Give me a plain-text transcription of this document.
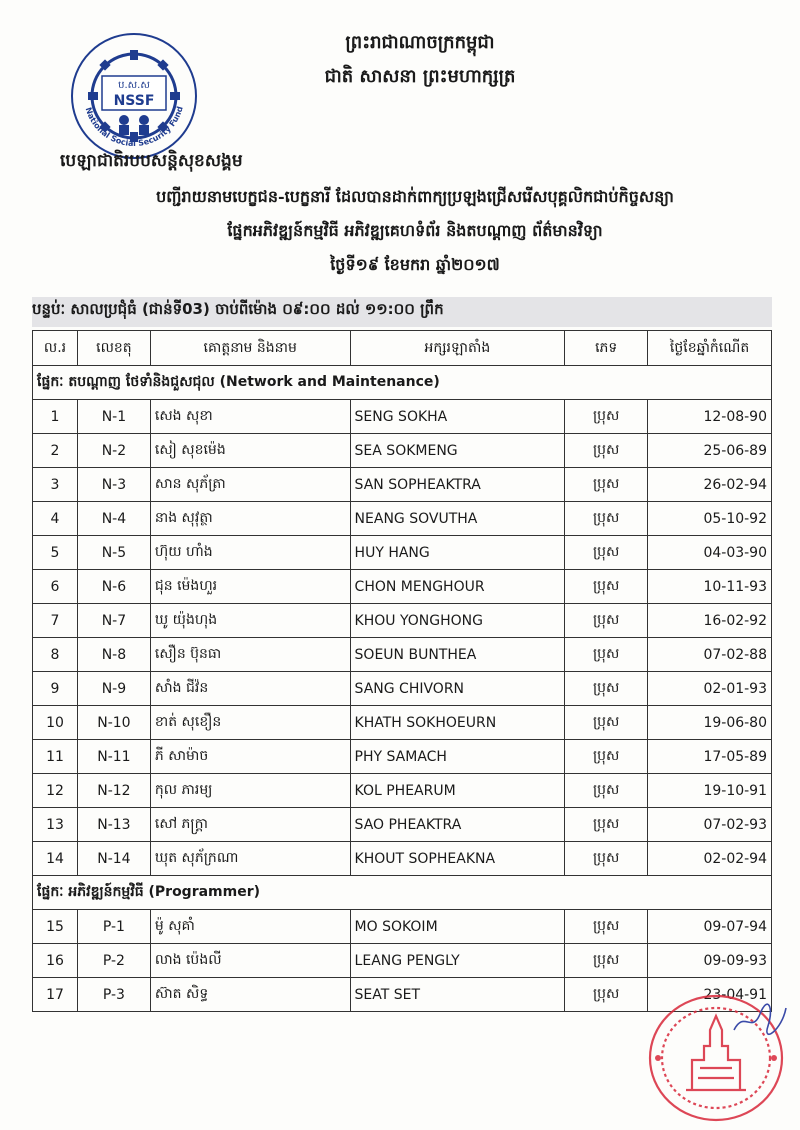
ប.ស.ស
NSSF
National Social Security Fund
ព្រះរាជាណាចក្រកម្ពុជា
ជាតិ សាសនា ព្រះមហាក្សត្រ
បេឡាជាតិរបបសន្តិសុខសង្គម
បញ្ជីរាយនាមបេក្ខជន-បេក្ខនារី ដែលបានដាក់ពាក្យប្រឡងជ្រើសរើសបុគ្គលិកជាប់កិច្ចសន្យា
ផ្នែកអភិវឌ្ឍន៍កម្មវិធី អភិវឌ្ឍគេហទំព័រ និងតបណ្ដាញ ព័ត៌មានវិទ្យា
ថ្ងៃទី១៩ ខែមករា ឆ្នាំ២០១៧
បន្ទប់ៈ សាលប្រជុំធំ (ជាន់ទី03) ចាប់ពីម៉ោង ០៩:០០ ដល់ ១១:០០ ព្រឹក
ល.រ	លេខតុ	គោត្តនាម និងនាម	អក្សរឡាតាំង	ភេទ	ថ្ងៃខែឆ្នាំកំណើត
ផ្នែកៈ តបណ្ដាញ ថែទាំនិងជួសជុល (Network and Maintenance)					
1	N-1	សេង សុខា	SENG SOKHA	ប្រុស	12-08-90
2	N-2	សៀ សុខម៉េង	SEA SOKMENG	ប្រុស	25-06-89
3	N-3	សាន សុភ័ត្រា	SAN SOPHEAKTRA	ប្រុស	26-02-94
4	N-4	នាង សុវុត្ថា	NEANG SOVUTHA	ប្រុស	05-10-92
5	N-5	ហ៊ុយ ហាំង	HUY HANG	ប្រុស	04-03-90
6	N-6	ជុន ម៉េងហួរ	CHON MENGHOUR	ប្រុស	10-11-93
7	N-7	ឃូ យ៉ុងហុង	KHOU YONGHONG	ប្រុស	16-02-92
8	N-8	សឿន ប៊ុនធា	SOEUN BUNTHEA	ប្រុស	07-02-88
9	N-9	សាំង ជីវ៉ន	SANG CHIVORN	ប្រុស	02-01-93
10	N-10	ខាត់ សុខឿន	KHATH SOKHOEURN	ប្រុស	19-06-80
11	N-11	ភី សាម៉ាច	PHY SAMACH	ប្រុស	17-05-89
12	N-12	កុល ភារម្យ	KOL PHEARUM	ប្រុស	19-10-91
13	N-13	សៅ ភក្ត្រា	SAO PHEAKTRA	ប្រុស	07-02-93
14	N-14	ឃុត សុភ័ក្រណា	KHOUT SOPHEAKNA	ប្រុស	02-02-94
ផ្នែកៈ អភិវឌ្ឍន៍កម្មវិធី (Programmer)					
15	P-1	ម៉ូ សុគាំ	MO SOKOIM	ប្រុស	09-07-94
16	P-2	លាង ប៉េងលី	LEANG PENGLY	ប្រុស	09-09-93
17	P-3	ស៊ាត សិទ្ធ	SEAT SET	ប្រុស	23-04-91
